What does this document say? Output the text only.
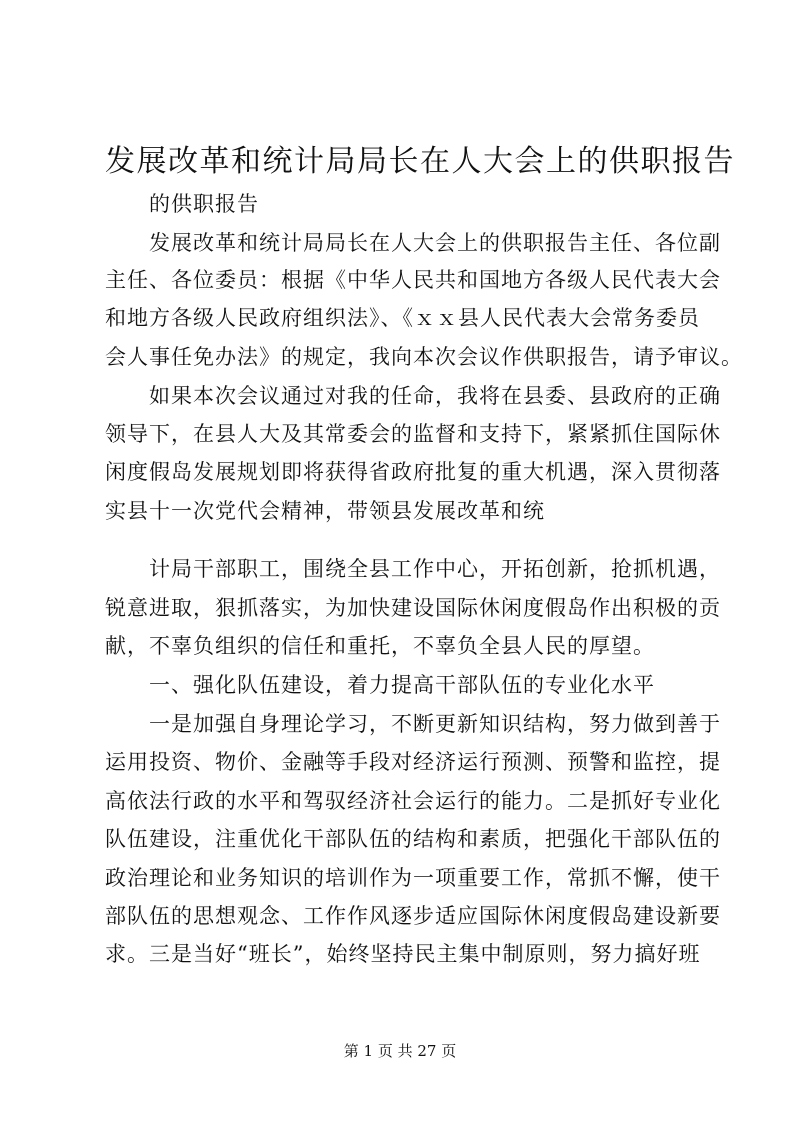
发展改革和统计局局长在人大会上的供职报告
的供职报告
发展改革和统计局局长在人大会上的供职报告主任、各位副
主任、各位委员：根据《中华人民共和国地方各级人民代表大会
和地方各级人民政府组织法》、《ｘｘ县人民代表大会常务委员
会人事任免办法》的规定，我向本次会议作供职报告，请予审议。
如果本次会议通过对我的任命，我将在县委、县政府的正确
领导下，在县人大及其常委会的监督和支持下，紧紧抓住国际休
闲度假岛发展规划即将获得省政府批复的重大机遇，深入贯彻落
实县十一次党代会精神，带领县发展改革和统
计局干部职工，围绕全县工作中心，开拓创新，抢抓机遇，
锐意进取，狠抓落实，为加快建设国际休闲度假岛作出积极的贡
献，不辜负组织的信任和重托，不辜负全县人民的厚望。
一、强化队伍建设，着力提高干部队伍的专业化水平
一是加强自身理论学习，不断更新知识结构，努力做到善于
运用投资、物价、金融等手段对经济运行预测、预警和监控，提
高依法行政的水平和驾驭经济社会运行的能力。二是抓好专业化
队伍建设，注重优化干部队伍的结构和素质，把强化干部队伍的
政治理论和业务知识的培训作为一项重要工作，常抓不懈，使干
部队伍的思想观念、工作作风逐步适应国际休闲度假岛建设新要
求。三是当好“班长”，始终坚持民主集中制原则，努力搞好班
第 1 页 共 27 页
